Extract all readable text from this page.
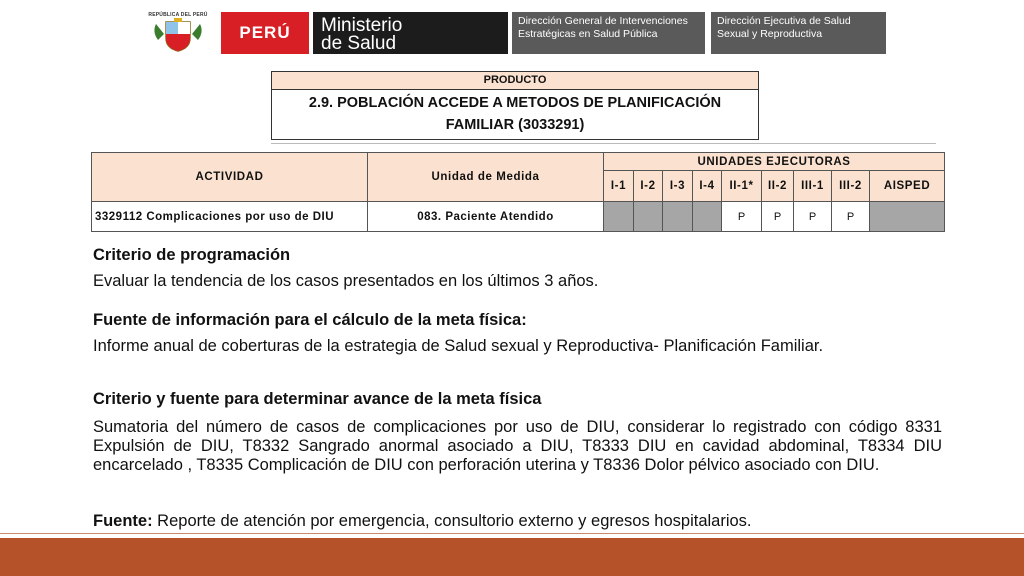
REPÚBLICA DEL PERÚ
PERÚ	Ministerio
de Salud
Dirección General de Intervenciones Estratégicas en Salud Pública
Dirección Ejecutiva de Salud Sexual y Reproductiva
PRODUCTO
2.9. POBLACIÓN ACCEDE A METODOS DE PLANIFICACIÓN FAMILIAR (3033291)
ACTIVIDAD	Unidad de Medida	UNIDADES EJECUTORAS								
		I-1	I-2	I-3	I-4	II-1*	II-2	III-1	III-2	AISPED
3329112 Complicaciones por uso de DIU	083. Paciente Atendido					P	P	P	P	
Criterio de programación
Evaluar la tendencia de los casos presentados en los últimos 3 años.
Fuente de información para el cálculo de la meta física:
Informe anual de coberturas de la estrategia de Salud sexual y Reproductiva- Planificación Familiar.
Criterio y fuente para determinar avance de la meta física
Sumatoria del número de casos de complicaciones por uso de DIU, considerar lo registrado con código 8331 Expulsión de DIU, T8332 Sangrado anormal asociado a DIU, T8333 DIU en cavidad abdominal, T8334 DIU encarcelado , T8335 Complicación de DIU con perforación uterina y T8336 Dolor pélvico asociado con DIU.
Fuente: Reporte de atención por emergencia, consultorio externo y egresos hospitalarios.
